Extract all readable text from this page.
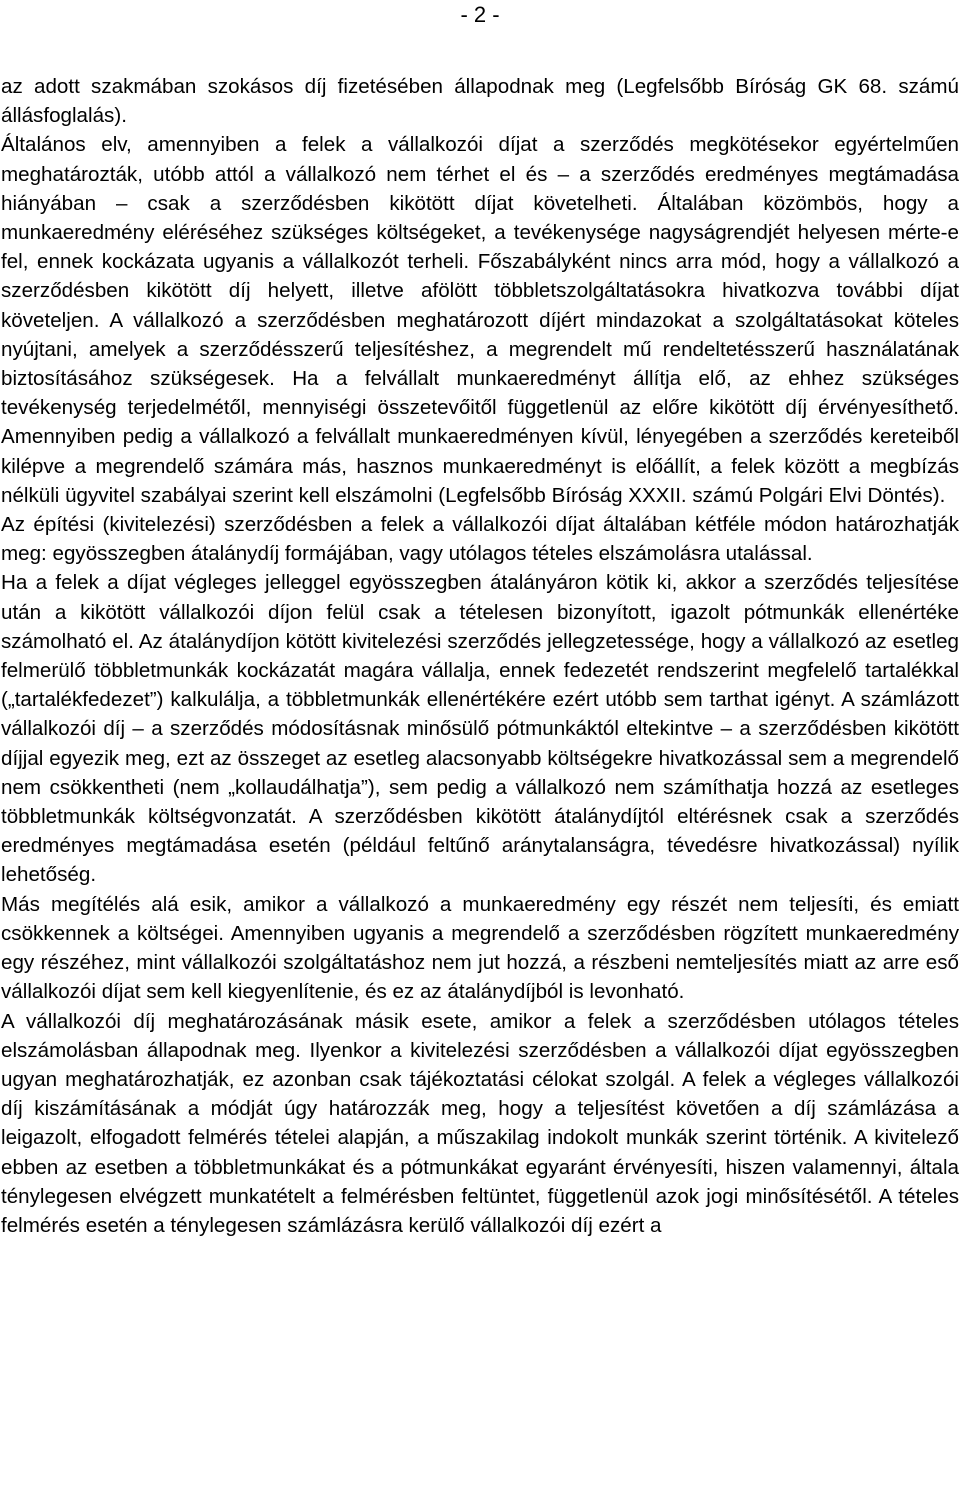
- 2 -

az adott szakmában szokásos díj fizetésében állapodnak meg (Legfelsőbb Bíróság GK 68. számú állásfoglalás).

Általános elv, amennyiben a felek a vállalkozói díjat a szerződés megkötésekor egyértelműen meghatározták, utóbb attól a vállalkozó nem térhet el és – a szerződés eredményes megtámadása hiányában – csak a szerződésben kikötött díjat követelheti. Általában közömbös, hogy a munkaeredmény eléréséhez szükséges költségeket, a tevékenysége nagyságrendjét helyesen mérte-e fel, ennek kockázata ugyanis a vállalkozót terheli. Főszabályként nincs arra mód, hogy a vállalkozó a szerződésben kikötött díj helyett, illetve afölött többletszolgáltatásokra hivatkozva további díjat követeljen. A vállalkozó a szerződésben meghatározott díjért mindazokat a szolgáltatásokat köteles nyújtani, amelyek a szerződésszerű teljesítéshez, a megrendelt mű rendeltetésszerű használatának biztosításához szükségesek. Ha a felvállalt munkaeredményt állítja elő, az ehhez szükséges tevékenység terjedelmétől, mennyiségi összetevőitől függetlenül az előre kikötött díj érvényesíthető. Amennyiben pedig a vállalkozó a felvállalt munkaeredményen kívül, lényegében a szerződés kereteiből kilépve a megrendelő számára más, hasznos munkaeredményt is előállít, a felek között a megbízás nélküli ügyvitel szabályai szerint kell elszámolni (Legfelsőbb Bíróság XXXII. számú Polgári Elvi Döntés).

Az építési (kivitelezési) szerződésben a felek a vállalkozói díjat általában kétféle módon határozhatják meg: egyösszegben átalánydíj formájában, vagy utólagos tételes elszámolásra utalással.

Ha a felek a díjat végleges jelleggel egyösszegben átalányáron kötik ki, akkor a szerződés teljesítése után a kikötött vállalkozói díjon felül csak a tételesen bizonyított, igazolt pótmunkák ellenértéke számolható el. Az átalánydíjon kötött kivitelezési szerződés jellegzetessége, hogy a vállalkozó az esetleg felmerülő többletmunkák kockázatát magára vállalja, ennek fedezetét rendszerint megfelelő tartalékkal („tartalékfedezet”) kalkulálja, a többletmunkák ellenértékére ezért utóbb sem tarthat igényt. A számlázott vállalkozói díj – a szerződés módosításnak minősülő pótmunkáktól eltekintve – a szerződésben kikötött díjjal egyezik meg, ezt az összeget az esetleg alacsonyabb költségekre hivatkozással sem a megrendelő nem csökkentheti (nem „kollaudálhatja”), sem pedig a vállalkozó nem számíthatja hozzá az esetleges többletmunkák költségvonzatát. A szerződésben kikötött átalánydíjtól eltérésnek csak a szerződés eredményes megtámadása esetén (például feltűnő aránytalanságra, tévedésre hivatkozással) nyílik lehetőség.

Más megítélés alá esik, amikor a vállalkozó a munkaeredmény egy részét nem teljesíti, és emiatt csökkennek a költségei. Amennyiben ugyanis a megrendelő a szerződésben rögzített munkaeredmény egy részéhez, mint vállalkozói szolgáltatáshoz nem jut hozzá, a részbeni nemteljesítés miatt az arre eső vállalkozói díjat sem kell kiegyenlítenie, és ez az átalánydíjból is levonható.

A vállalkozói díj meghatározásának másik esete, amikor a felek a szerződésben utólagos tételes elszámolásban állapodnak meg. Ilyenkor a kivitelezési szerződésben a vállalkozói díjat egyösszegben ugyan meghatározhatják, ez azonban csak tájékoztatási célokat szolgál. A felek a végleges vállalkozói díj kiszámításának a módját úgy határozzák meg, hogy a teljesítést követően a díj számlázása a leigazolt, elfogadott felmérés tételei alapján, a műszakilag indokolt munkák szerint történik. A kivitelező ebben az esetben a többletmunkákat és a pótmunkákat egyaránt érvényesíti, hiszen valamennyi, általa ténylegesen elvégzett munkatételt a felmérésben feltüntet, függetlenül azok jogi minősítésétől. A tételes felmérés esetén a ténylegesen számlázásra kerülő vállalkozói díj ezért a
